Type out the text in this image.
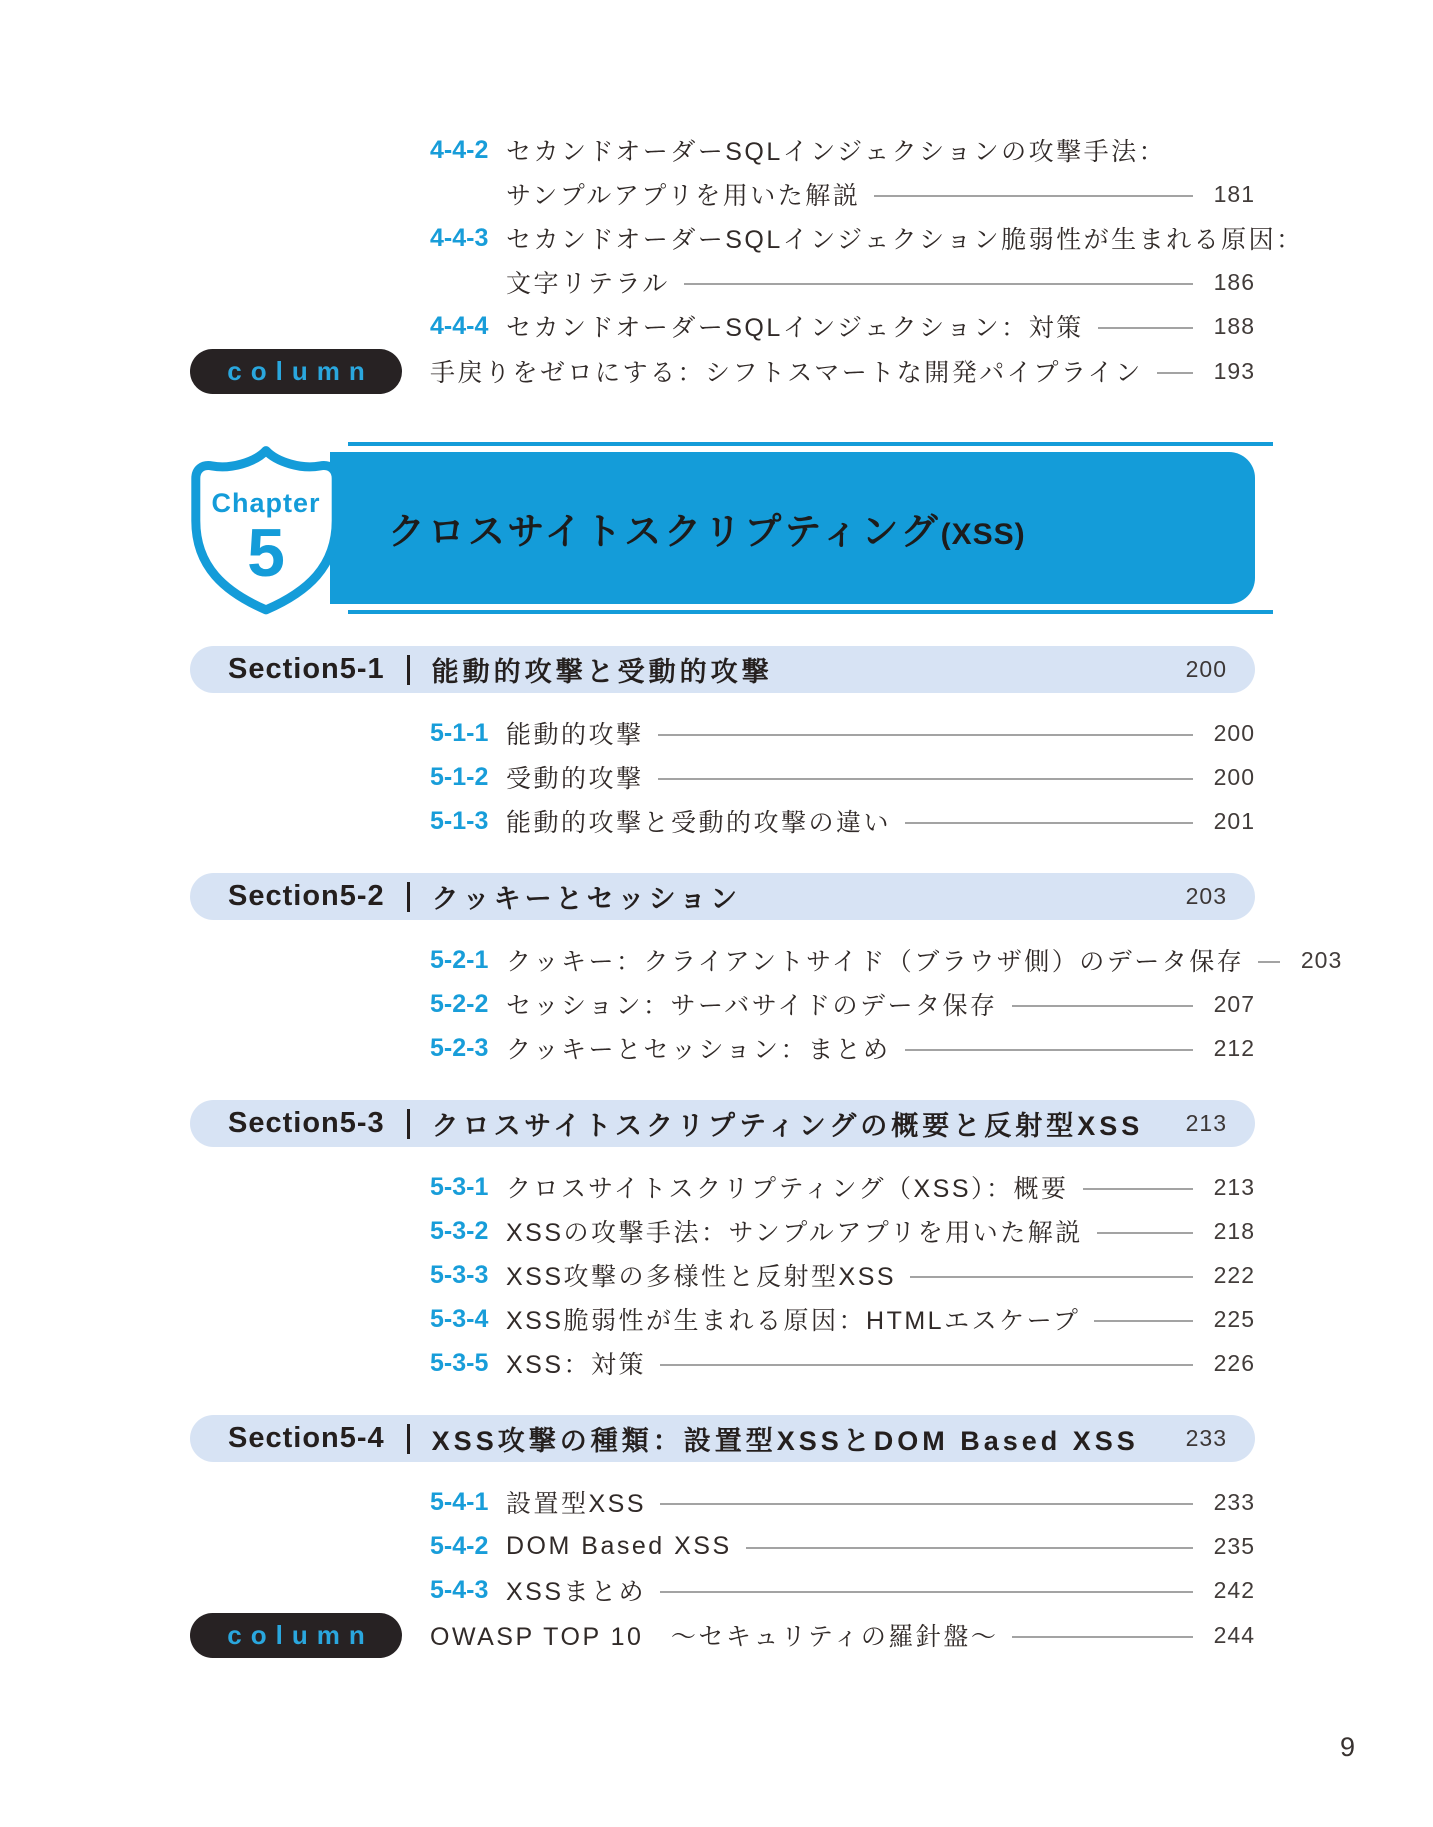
4-4-2 セカンドオーダーSQLインジェクションの攻撃手法：
サンプルアプリを用いた解説	181
4-4-3 セカンドオーダーSQLインジェクション脆弱性が生まれる原因：
文字リテラル	186
4-4-4 セカンドオーダーSQLインジェクション：対策	188
column	手戻りをゼロにする：シフトスマートな開発パイプライン	193
クロスサイトスクリプティング(XSS)
Chapter
5
Section5-1 能動的攻撃と受動的攻撃	200
5-1-1 能動的攻撃	200
5-1-2 受動的攻撃	200
5-1-3 能動的攻撃と受動的攻撃の違い	201
Section5-2 クッキーとセッション	203
5-2-1 クッキー：クライアントサイド（ブラウザ側）のデータ保存 203
5-2-2 セッション：サーバサイドのデータ保存	207
5-2-3 クッキーとセッション：まとめ	212
Section5-3 クロスサイトスクリプティングの概要と反射型XSS	213
5-3-1 クロスサイトスクリプティング（XSS）：概要	213
5-3-2 XSSの攻撃手法：サンプルアプリを用いた解説	218
5-3-3 XSS攻撃の多様性と反射型XSS	222
5-3-4 XSS脆弱性が生まれる原因：HTMLエスケープ	225
5-3-5 XSS：対策	226
Section5-4 XSS攻撃の種類：設置型XSSとDOM Based XSS	233
5-4-1 設置型XSS	233
5-4-2 DOM Based XSS	235
5-4-3 XSSまとめ	242
column	OWASP TOP 10　～セキュリティの羅針盤～	244
9
